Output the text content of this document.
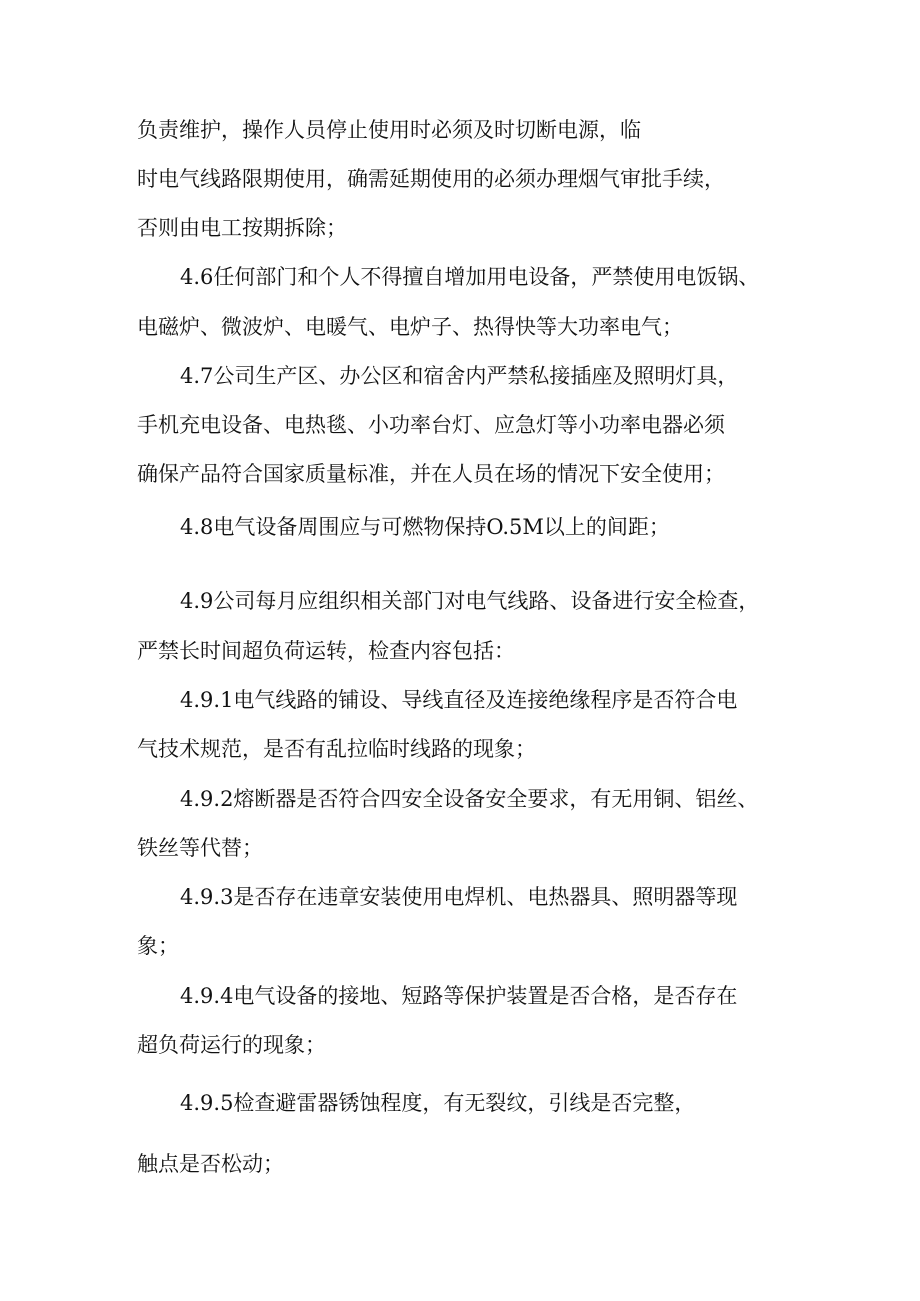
负责维护，操作人员停止使用时必须及时切断电源，临
时电气线路限期使用，确需延期使用的必须办理烟气审批手续，
否则由电工按期拆除；
4.6任何部门和个人不得擅自增加用电设备，严禁使用电饭锅、
电磁炉、微波炉、电暖气、电炉子、热得快等大功率电气；
4.7公司生产区、办公区和宿舍内严禁私接插座及照明灯具，
手机充电设备、电热毯、小功率台灯、应急灯等小功率电器必须
确保产品符合国家质量标准，并在人员在场的情况下安全使用；
4.8电气设备周围应与可燃物保持O.5M以上的间距；
4.9公司每月应组织相关部门对电气线路、设备进行安全检查，
严禁长时间超负荷运转，检查内容包括：
4.9.1电气线路的铺设、导线直径及连接绝缘程序是否符合电
气技术规范，是否有乱拉临时线路的现象；
4.9.2熔断器是否符合四安全设备安全要求，有无用铜、铝丝、
铁丝等代替；
4.9.3是否存在违章安装使用电焊机、电热器具、照明器等现
象；
4.9.4电气设备的接地、短路等保护装置是否合格，是否存在
超负荷运行的现象；
4.9.5检查避雷器锈蚀程度，有无裂纹，引线是否完整，
触点是否松动；
